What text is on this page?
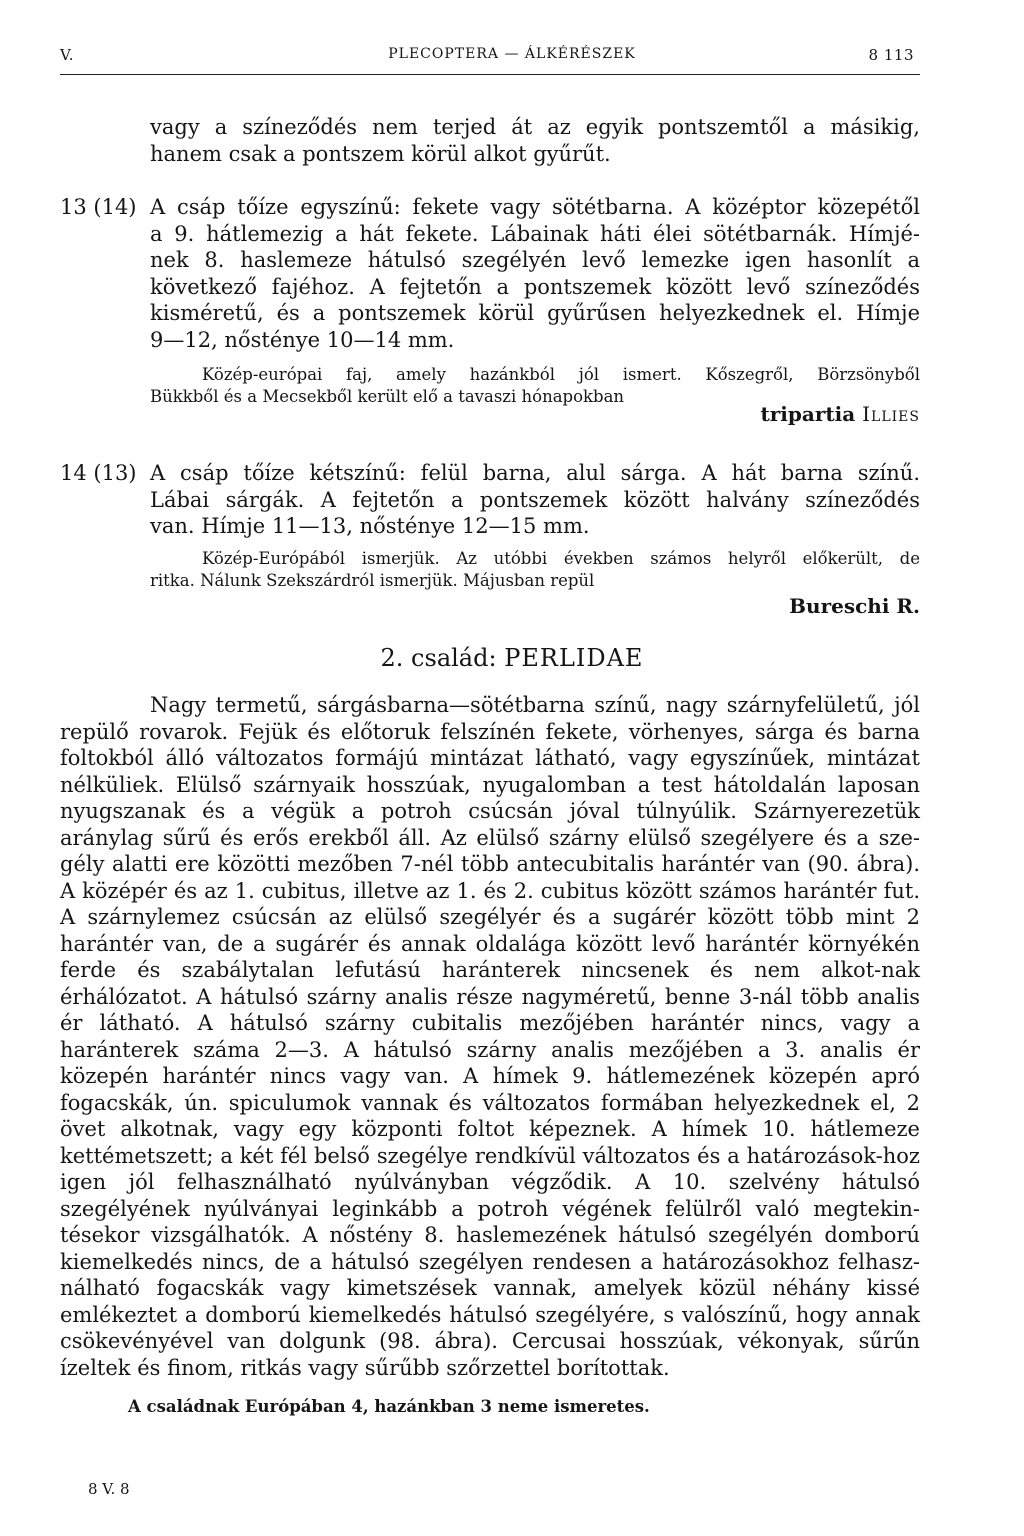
V.	PLECOPTERA — ÁLKÉRÉSZEK	8 113
vagy a színeződés nem terjed át az egyik pontszemtől a másikig,
hanem csak a pontszem körül alkot gyűrűt.
13 (14) A csáp tőíze egyszínű: fekete vagy sötétbarna. A középtor közepétől
a 9. hátlemezig a hát fekete. Lábainak háti élei sötétbarnák. Hímjé-
nek 8. haslemeze hátulsó szegélyén levő lemezke igen hasonlít a
következő fajéhoz. A fejtetőn a pontszemek között levő színeződés
kisméretű, és a pontszemek körül gyűrűsen helyezkednek el. Hímje
9—12, nőstényе 10—14 mm.
Közép-európai faj, amely hazánkból jól ismert. Kőszegről, Börzsönyből
Bükkből és a Mecsekből került elő a tavaszi hónapokban
tripartia Illies
14 (13) A csáp tőíze kétszínű: felül barna, alul sárga. A hát barna színű.
Lábai sárgák. A fejtetőn a pontszemek között halvány színeződés
van. Hímje 11—13, nőstényе 12—15 mm.
Közép-Európából ismerjük. Az utóbbi években számos helyről előkerült, de
ritka. Nálunk Szekszárdról ismerjük. Májusban repül
Bureschi R.
2. család: PERLIDAE
Nagy termetű, sárgásbarna—sötétbarna színű, nagy szárnyfelületű, jól repülő rovarok. Fejük és előtoruk felszínén fekete, vörhenyes, sárga és barna foltokból álló változatos formájú mintázat látható, vagy egyszínűek, mintázat nélküliek. Elülső szárnyaik hosszúak, nyugalomban a test hátoldalán laposan nyugszanak és a végük a potroh csúcsán jóval túlnyúlik. Szárnyerezetük aránylag sűrű és erős erekből áll. Az elülső szárny elülső szegélyere és a sze-gély alatti ere közötti mezőben 7-nél több antecubitalis harántér van (90. ábra). A középér és az 1. cubitus, illetve az 1. és 2. cubitus között számos harántér fut. A szárnylemez csúcsán az elülső szegélyér és a sugárér között több mint 2 harántér van, de a sugárér és annak oldalága között levő harántér környékén ferde és szabálytalan lefutású haránterek nincsenek és nem alkot-nak érhálózatot. A hátulsó szárny analis része nagyméretű, benne 3-nál több analis ér látható. A hátulsó szárny cubitalis mezőjében harántér nincs, vagy a haránterek száma 2—3. A hátulsó szárny analis mezőjében a 3. analis ér közepén harántér nincs vagy van. A hímek 9. hátlemezének közepén apró fogacskák, ún. spiculumok vannak és változatos formában helyezkednek el, 2 övet alkotnak, vagy egy központi foltot képeznek. A hímek 10. hátlemeze kettémetszett; a két fél belső szegélye rendkívül változatos és a határozások-hoz igen jól felhasználható nyúlványban végződik. A 10. szelvény hátulsó szegélyének nyúlványai leginkább a potroh végének felülről való megtekin-tésekor vizsgálhatók. A nőstény 8. haslemezének hátulsó szegélyén domború kiemelkedés nincs, de a hátulsó szegélyen rendesen a határozásokhoz felhasz-nálható fogacskák vagy kimetszések vannak, amelyek közül néhány kissé emlékeztet a domború kiemelkedés hátulsó szegélyére, s valószínű, hogy annak csökevényével van dolgunk (98. ábra). Cercusai hosszúak, vékonyak, sűrűn ízeltek és finom, ritkás vagy sűrűbb szőrzettel borítottak.
A családnak Európában 4, hazánkban 3 neme ismeretes.
8 V. 8
